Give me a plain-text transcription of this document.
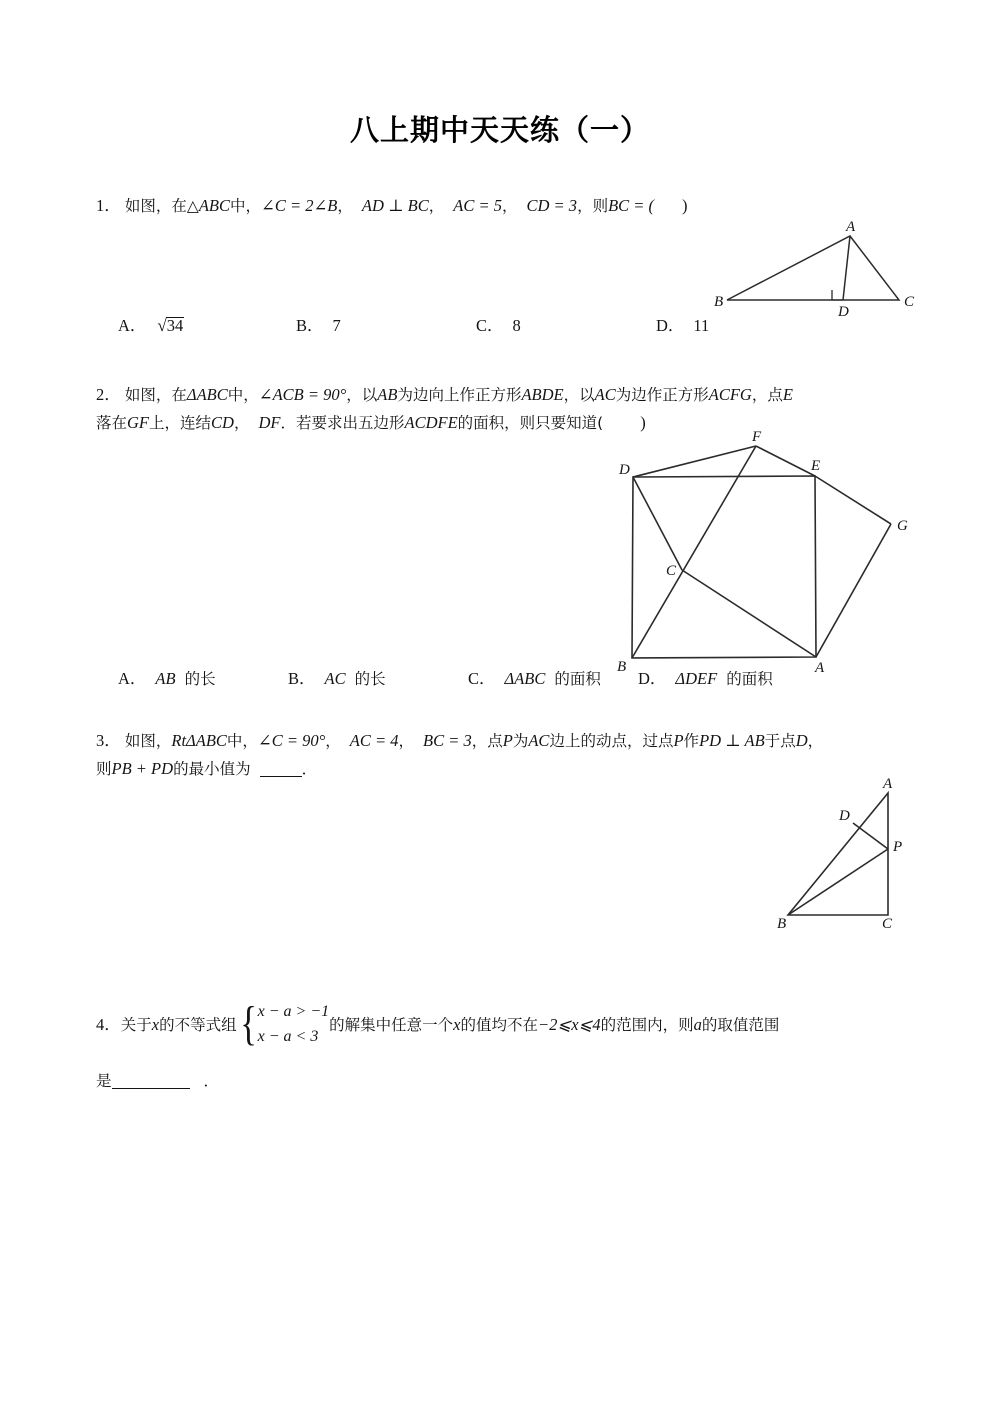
八上期中天天练（一）
1． 如图，在△ABC中，∠C = 2∠B， AD ⊥ BC， AC = 5， CD = 3，则BC = ( )
A
B	C
D
A． √34	B． 7	C． 8	D． 11
2． 如图，在ΔABC中，∠ACB = 90°，以AB为边向上作正方形ABDE，以AC为边作正方形ACFG，点E
落在GF上，连结CD， DF．若要求出五边形ACDFE的面积，则只要知道( )
F
D	E
G
C
B	A
A． AB 的长	B． AC 的长	C． ΔABC 的面积 D． ΔDEF 的面积
3． 如图，RtΔABC中，∠C = 90°， AC = 4， BC = 3，点P为AC边上的动点，过点P作PD ⊥ AB于点D，
则PB + PD的最小值为	．
A
D
P
B	C
4． 关于 x 的不等式组 { x − a > −1
x − a < 3
的解集中任意一个 x 的值均不在 −2⩽x⩽4 的范围内，则 a 的取值范围
是	．
